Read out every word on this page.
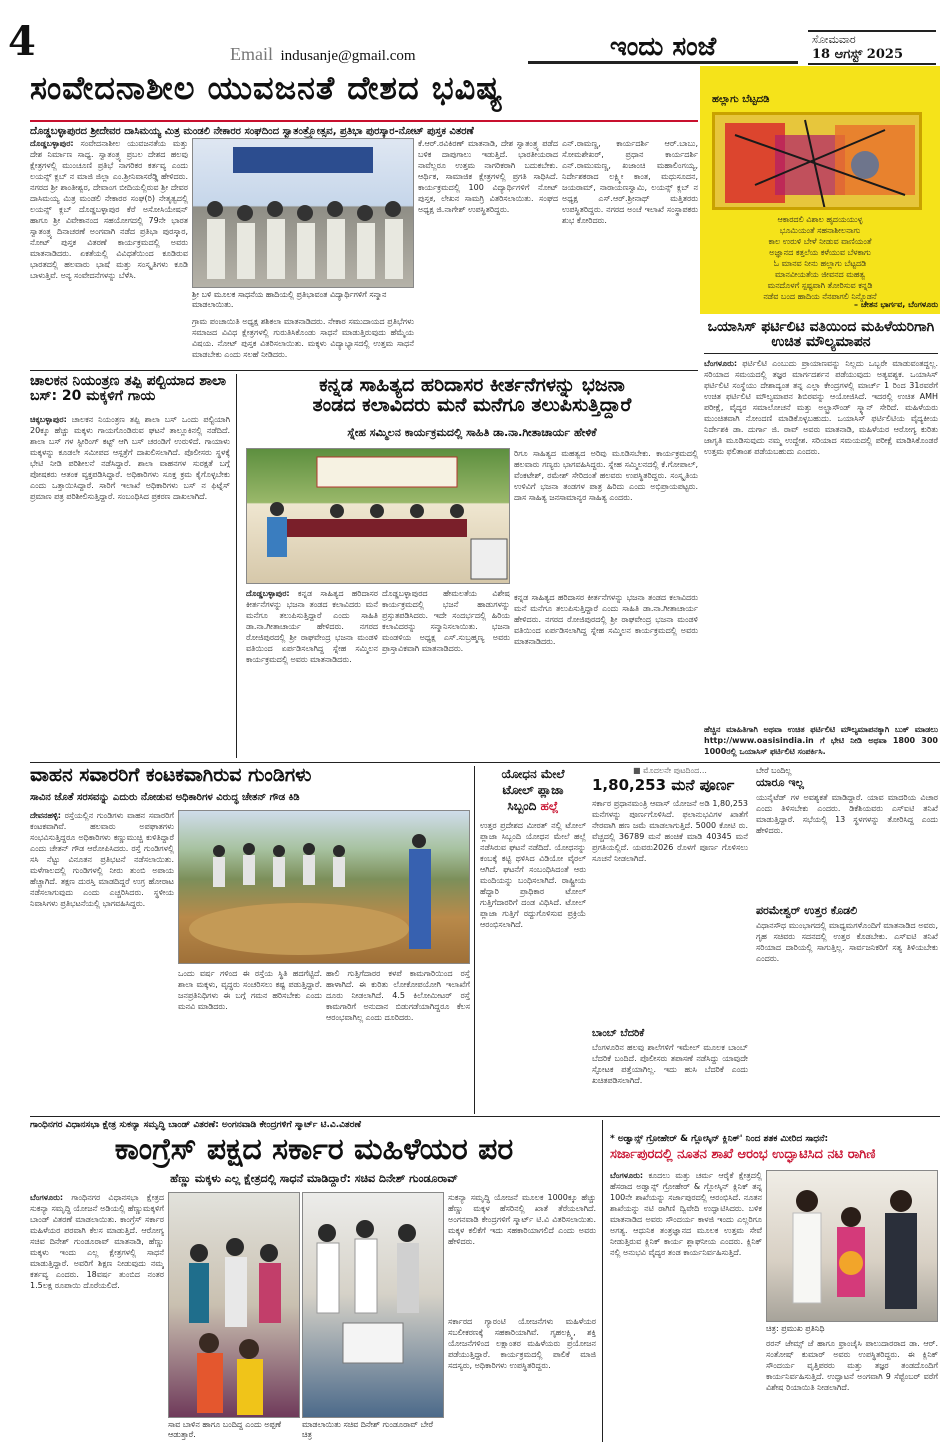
4	Email indusanje@gmail.com	ಇಂದು ಸಂಜೆ	ಸೋಮವಾರ
18 ಆಗಸ್ಟ್ 2025
ಸಂವೇದನಾಶೀಲ ಯುವಜನತೆ ದೇಶದ ಭವಿಷ್ಯ
ದೊಡ್ಡಬಳ್ಳಾಪುರದ ಶ್ರೀದೇವರ ದಾಸಿಮಯ್ಯ ಮಿತ್ರ ಮಂಡಲಿ ನೇಕಾರರ ಸಂಘದಿಂದ ಸ್ವಾತಂತ್ರ್ಯೋತ್ಸವ, ಪ್ರತಿಭಾ ಪುರಸ್ಕಾರ-ನೋಟ್ ಪುಸ್ತಕ ವಿತರಣೆ
ದೊಡ್ಡಬಳ್ಳಾಪುರ: ಸಂವೇದನಾಶೀಲ ಯುವಜನತೆಯ ಮತ್ತು ದೇಶ ನಿರ್ಮಾಣ ಸಾಧ್ಯ. ಸ್ವಾತಂತ್ರ್ಯ ಪ್ರಬಲ ದೇಶದ ಹಲವು ಕ್ಷೇತ್ರಗಳಲ್ಲಿ ಮುಂಚೂಣಿ ಪ್ರತಿಭೆ ನಾಗರಿಕರ ಕರ್ತವ್ಯ ಎಂದು ಲಯನ್ಸ್ ಕ್ಲಬ್ ನ ಮಾಜಿ ಜಿಲ್ಲಾ ಎಂ.ಶ್ರೀನಿವಾಸರೆಡ್ಡಿ ಹೇಳಿದರು. ನಗರದ ಶ್ರೀ ಶಾಂತೀಶ್ವರ, ದೇವಾಂಗ ಬೀದಿಯಲ್ಲಿರುವ ಶ್ರೀ ದೇವರ ದಾಸಿಮಯ್ಯ ಮಿತ್ರ ಮಂಡಲಿ ನೇಕಾರರ ಸಂಘ(ರಿ) ನೇತೃತ್ವದಲ್ಲಿ ಲಯನ್ಸ್ ಕ್ಲಬ್ ದೊಡ್ಡಬಳ್ಳಾಪುರ ಕೆರೆ ಅಸೋಸಿಯೇಷನ್ ಹಾಗೂ ಶ್ರೀ ವಿವೇಕಾನಂದ ಸಹಯೋಗದಲ್ಲಿ 79ನೇ ಭಾರತ ಸ್ವಾತಂತ್ರ್ಯ ದಿನಾಚರಣೆ ಅಂಗವಾಗಿ ನಡೆದ ಪ್ರತಿಭಾ ಪುರಸ್ಕಾರ, ನೋಟ್ ಪುಸ್ತಕ ವಿತರಣೆ ಕಾರ್ಯಕ್ರಮದಲ್ಲಿ ಅವರು ಮಾತನಾಡಿದರು. ಏಕತೆಯಲ್ಲಿ ವಿವಿಧತೆಯಿಂದ ಕೂಡಿರುವ ಭಾರತದಲ್ಲಿ ಹಲವಾರು ಭಾಷೆ ಮತ್ತು ಸಂಸ್ಕೃತಿಗಳು ಕೂಡಿ ಬಾಳುತ್ತಿವೆ. ಅನ್ಯ ಸಂವೇದನೆಗಳನ್ನು ಬೆಳೆಸಿ.
ಶ್ರೀ ಬಳಿ ಮೂಲಕ ಸಾಧನೆಯ ಹಾದಿಯಲ್ಲಿ ಪ್ರತಿಭಾವಂತ ವಿದ್ಯಾರ್ಥಿಗಳಿಗೆ ಸನ್ಮಾನ ಮಾಡಲಾಯಿತು.
ಗ್ರಾಮ ಪಂಚಾಯಿತಿ ಅಧ್ಯಕ್ಷ ಶಶಿಕಲಾ ಮಾತನಾಡಿದರು. ನೇಕಾರ ಸಮುದಾಯದ ಪ್ರತಿಭೆಗಳು ಸಮಾಜದ ವಿವಿಧ ಕ್ಷೇತ್ರಗಳಲ್ಲಿ ಗುರುತಿಸಿಕೊಂಡು ಸಾಧನೆ ಮಾಡುತ್ತಿರುವುದು ಹೆಮ್ಮೆಯ ವಿಷಯ. ನೋಟ್ ಪುಸ್ತಕ ವಿತರಿಸಲಾಯಿತು. ಮಕ್ಕಳು ವಿದ್ಯಾಭ್ಯಾಸದಲ್ಲಿ ಉತ್ತಮ ಸಾಧನೆ ಮಾಡಬೇಕು ಎಂದು ಸಲಹೆ ನೀಡಿದರು.
ಕೆ.ಆರ್.ರವಿಕಿರಣ್ ಮಾತನಾಡಿ, ದೇಶ ಸ್ವಾತಂತ್ರ್ಯ ಪಡೆದ ಬಳಿಕ ದಾಪುಗಾಲು ಇಡುತ್ತಿದೆ. ಭಾರತೀಯರಾದ ನಾವೆಲ್ಲರೂ ಉತ್ತಮ ನಾಗರಿಕರಾಗಿ ಬದುಕಬೇಕು. ಆರ್ಥಿಕ, ಸಾಮಾಜಿಕ ಕ್ಷೇತ್ರಗಳಲ್ಲಿ ಪ್ರಗತಿ ಸಾಧಿಸಿದೆ. ಕಾರ್ಯಕ್ರಮದಲ್ಲಿ 100 ವಿದ್ಯಾರ್ಥಿಗಳಿಗೆ ನೋಟ್ ಪುಸ್ತಕ, ಲೇಖನ ಸಾಮಗ್ರಿ ವಿತರಿಸಲಾಯಿತು. ಸಂಘದ ಅಧ್ಯಕ್ಷ ಜಿ.ನಾಗೇಶ್ ಉಪಸ್ಥಿತರಿದ್ದರು.
ಎನ್.ರಾಮಣ್ಣ, ಕಾರ್ಯದರ್ಶಿ ಆರ್.ಬಾಬು, ಸೋಮಶೇಖರ್, ಪ್ರಧಾನ ಕಾರ್ಯದರ್ಶಿ ಎನ್.ರಾಮುಮಣ್ಣ, ಖಜಾಂಚಿ ಮಹಾಲಿಂಗಯ್ಯ, ನಿರ್ದೇಶಕರಾದ ಲಕ್ಷ್ಮೀ ಕಾಂತ, ಮಧುಸೂದನ, ಜಯರಾಮ್, ನಾರಾಯಣಸ್ವಾಮಿ, ಲಯನ್ಸ್ ಕ್ಲಬ್ ನ ಅಧ್ಯಕ್ಷ ಎಸ್.ಆರ್.ಶ್ರೀನಾಥ್ ಮತ್ತಿತರರು ಉಪಸ್ಥಿತರಿದ್ದರು. ನಗರದ ಅಂಚೆ ಇಲಾಖೆ ಸಂಸ್ಥಾಪಕರು ಶುಭ ಕೋರಿದರು.
ಹಲ್ಲಾಗು ಬೆಟ್ಟದಡಿ
ಆಕಾರದಲಿ ವಿಶಾಲ ಹೃದಯಯುಳ್ಳ
ಭೂಮಿಯಂತೆ ಸಹನಾಶೀಲನಾಗು
ಕಾಲ ಉರುಳಿ ಬೇಳೆ ನೀಡುವ ವಾಣಿಯಂತೆ
ಅಜ್ಞಾನದ ಕತ್ತಲೆಯ ಕಳೆಯುವ ಬೆಳಕಾಗು
ಓ ಮಾನವ ನೀನು ಹಲ್ಲಾಗು ಬೆಟ್ಟದಡಿ
ಮಾನವೀಯತೆಯ ಜೀವನದ ಮಹತ್ವ
ಮನದೊಳಗೆ ಸ್ಪಷ್ಟವಾಗಿ ತೋರಿಸುವ ಕನ್ನಡಿ
ನಡೆವ ಬಂದ ಹಾದಿಯ ನೆನಪಾಗಲಿ ನಿನ್ನೊಡನೆ
– ಚೇತನ ಭಾರ್ಗವ, ಬೆಂಗಳೂರು
ಒಯಾಸಿಸ್ ಫರ್ಟಿಲಿಟಿ ವತಿಯಿಂದ ಮಹಿಳೆಯರಿಗಾಗಿ ಉಚಿತ ಮೌಲ್ಯಮಾಪನ
ಬೆಂಗಳೂರು: ಫರ್ಟಿಲಿಟಿ ಎಂಬುದು ಪ್ರಾಯಾಣವನ್ನು ನಿಲ್ಲದು ಒಬ್ಬರೇ ಮಾಡುವಂತದ್ದಲ್ಲ. ಸರಿಯಾದ ಸಮಯದಲ್ಲಿ ತಜ್ಞರ ಮಾರ್ಗದರ್ಶನ ಪಡೆಯುವುದು ಅತ್ಯವಶ್ಯಕ. ಒಯಾಸಿಸ್ ಫರ್ಟಿಲಿಟಿ ಸಂಸ್ಥೆಯು ದೇಶಾದ್ಯಂತ ತನ್ನ ಎಲ್ಲಾ ಕೇಂದ್ರಗಳಲ್ಲಿ ಮಾರ್ಚ್ 1 ರಿಂದ 31ರವರೆಗೆ ಉಚಿತ ಫರ್ಟಿಲಿಟಿ ಮೌಲ್ಯಮಾಪನ ಶಿಬಿರವನ್ನು ಆಯೋಜಿಸಿದೆ. ಇದರಲ್ಲಿ ಉಚಿತ AMH ಪರೀಕ್ಷೆ, ವೈದ್ಯರ ಸಮಾಲೋಚನೆ ಮತ್ತು ಅಲ್ಟ್ರಾಸೌಂಡ್ ಸ್ಕ್ಯಾನ್ ಸೇರಿದೆ. ಮಹಿಳೆಯರು ಮುಂಚಿತವಾಗಿ ನೋಂದಣಿ ಮಾಡಿಕೊಳ್ಳಬಹುದು. ಒಯಾಸಿಸ್ ಫರ್ಟಿಲಿಟಿಯ ವೈದ್ಯಕೀಯ ನಿರ್ದೇಶಕಿ ಡಾ. ದುರ್ಗಾ ಜಿ. ರಾವ್ ಅವರು ಮಾತನಾಡಿ, ಮಹಿಳೆಯರ ಆರೋಗ್ಯ ಕುರಿತು ಜಾಗೃತಿ ಮೂಡಿಸುವುದು ನಮ್ಮ ಉದ್ದೇಶ. ಸರಿಯಾದ ಸಮಯದಲ್ಲಿ ಪರೀಕ್ಷೆ ಮಾಡಿಸಿಕೊಂಡರೆ ಉತ್ತಮ ಫಲಿತಾಂಶ ಪಡೆಯಬಹುದು ಎಂದರು.
ಹೆಚ್ಚಿನ ಮಾಹಿತಿಗಾಗಿ ಅಥವಾ ಉಚಿತ ಫರ್ಟಿಲಿಟಿ ಮೌಲ್ಯಮಾಪನಕ್ಕಾಗಿ ಬುಕ್ ಮಾಡಲು http://www.oasisindia.in ಗೆ ಭೇಟಿ ನೀಡಿ ಅಥವಾ 1800 300 1000ರಲ್ಲಿ ಒಯಾಸಿಸ್ ಫರ್ಟಿಲಿಟಿ ಸಂಪರ್ಕಿಸಿ.
ಚಾಲಕನ ನಿಯಂತ್ರಣ ತಪ್ಪಿ ಪಲ್ಟಿಯಾದ ಶಾಲಾ ಬಸ್: 20 ಮಕ್ಕಳಿಗೆ ಗಾಯ
ಚಿಕ್ಕಬಳ್ಳಾಪುರ: ಚಾಲಕನ ನಿಯಂತ್ರಣ ತಪ್ಪಿ ಶಾಲಾ ಬಸ್ ಒಂದು ಪಲ್ಟಿಯಾಗಿ 20ಕ್ಕೂ ಹೆಚ್ಚು ಮಕ್ಕಳು ಗಾಯಗೊಂಡಿರುವ ಘಟನೆ ತಾಲ್ಲೂಕಿನಲ್ಲಿ ನಡೆದಿದೆ. ಶಾಲಾ ಬಸ್ ಗಳ ಸ್ಟೀರಿಂಗ್ ಕಟ್ಟ್ ಆಗಿ ಬಸ್ ಚರಂಡಿಗೆ ಉರುಳಿದೆ. ಗಾಯಾಳು ಮಕ್ಕಳನ್ನು ಕೂಡಲೇ ಸಮೀಪದ ಆಸ್ಪತ್ರೆಗೆ ದಾಖಲಿಸಲಾಗಿದೆ. ಪೊಲೀಸರು ಸ್ಥಳಕ್ಕೆ ಭೇಟಿ ನೀಡಿ ಪರಿಶೀಲನೆ ನಡೆಸಿದ್ದಾರೆ. ಶಾಲಾ ವಾಹನಗಳ ಸುರಕ್ಷತೆ ಬಗ್ಗೆ ಪೋಷಕರು ಆತಂಕ ವ್ಯಕ್ತಪಡಿಸಿದ್ದಾರೆ. ಅಧಿಕಾರಿಗಳು ಸೂಕ್ತ ಕ್ರಮ ಕೈಗೊಳ್ಳಬೇಕು ಎಂದು ಒತ್ತಾಯಿಸಿದ್ದಾರೆ. ಸಾರಿಗೆ ಇಲಾಖೆ ಅಧಿಕಾರಿಗಳು ಬಸ್ ನ ಫಿಟ್ನೆಸ್ ಪ್ರಮಾಣ ಪತ್ರ ಪರಿಶೀಲಿಸುತ್ತಿದ್ದಾರೆ. ಸಂಬಂಧಿಸಿದ ಪ್ರಕರಣ ದಾಖಲಾಗಿದೆ.
ಕನ್ನಡ ಸಾಹಿತ್ಯದ ಹರಿದಾಸರ ಕೀರ್ತನೆಗಳನ್ನು ಭಜನಾ
ತಂಡದ ಕಲಾವಿದರು ಮನೆ ಮನೆಗೂ ತಲುಪಿಸುತ್ತಿದ್ದಾರೆ
ಸ್ನೇಹ ಸಮ್ಮಿಲನ ಕಾರ್ಯಕ್ರಮದಲ್ಲಿ ಸಾಹಿತಿ ಡಾ.ನಾ.ಗೀತಾಚಾರ್ಯ ಹೇಳಿಕೆ
ರಿಗೂ ಸಾಹಿತ್ಯದ ಮಹತ್ವದ ಅರಿವು ಮೂಡಿಸಬೇಕು. ಕಾರ್ಯಕ್ರಮದಲ್ಲಿ ಹಲವಾರು ಗಣ್ಯರು ಭಾಗವಹಿಸಿದ್ದರು. ಸ್ನೇಹ ಸಮ್ಮಿಲನದಲ್ಲಿ ಕೆ.ಗೋಪಾಲ್, ವೆಂಕಟೇಶ್, ರಮೇಶ್ ಸೇರಿದಂತೆ ಹಲವರು ಉಪಸ್ಥಿತರಿದ್ದರು. ಸಂಸ್ಕೃತಿಯ ಉಳಿವಿಗೆ ಭಜನಾ ತಂಡಗಳ ಪಾತ್ರ ಹಿರಿದು ಎಂದು ಅಭಿಪ್ರಾಯಪಟ್ಟರು. ದಾಸ ಸಾಹಿತ್ಯ ಜನಸಾಮಾನ್ಯರ ಸಾಹಿತ್ಯ ಎಂದರು.
ದೊಡ್ಡಬಳ್ಳಾಪುರ: ಕನ್ನಡ ಸಾಹಿತ್ಯದ ಹರಿದಾಸರ ಕೀರ್ತನೆಗಳನ್ನು ಭಜನಾ ತಂಡದ ಕಲಾವಿದರು ಮನೆ ಮನೆಗೂ ತಲುಪಿಸುತ್ತಿದ್ದಾರೆ ಎಂದು ಸಾಹಿತಿ ಡಾ.ನಾ.ಗೀತಾಚಾರ್ಯ ಹೇಳಿದರು. ನಗರದ ರೋಜಿಪುರದಲ್ಲಿ ಶ್ರೀ ರಾಘವೇಂದ್ರ ಭಜನಾ ಮಂಡಳಿ ವತಿಯಿಂದ ಏರ್ಪಡಿಸಲಾಗಿದ್ದ ಸ್ನೇಹ ಸಮ್ಮಿಲನ ಕಾರ್ಯಕ್ರಮದಲ್ಲಿ ಅವರು ಮಾತನಾಡಿದರು.
ದೊಡ್ಡಬಳ್ಳಾಪುರದ ಹೇಮಲತೆಯ ವಿಶೇಷ ಕಾರ್ಯಕ್ರಮದಲ್ಲಿ ಭಜನೆ ಹಾಡುಗಳನ್ನು ಪ್ರಸ್ತುತಪಡಿಸಿದರು. ಇದೇ ಸಂದರ್ಭದಲ್ಲಿ ಹಿರಿಯ ಕಲಾವಿದರನ್ನು ಸನ್ಮಾನಿಸಲಾಯಿತು. ಭಜನಾ ಮಂಡಳಿಯ ಅಧ್ಯಕ್ಷ ಎಸ್.ಸುಬ್ರಹ್ಮಣ್ಯ ಅವರು ಪ್ರಾಸ್ತಾವಿಕವಾಗಿ ಮಾತನಾಡಿದರು.
ಕನ್ನಡ ಸಾಹಿತ್ಯದ ಹರಿದಾಸರ ಕೀರ್ತನೆಗಳನ್ನು ಭಜನಾ ತಂಡದ ಕಲಾವಿದರು ಮನೆ ಮನೆಗೂ ತಲುಪಿಸುತ್ತಿದ್ದಾರೆ ಎಂದು ಸಾಹಿತಿ ಡಾ.ನಾ.ಗೀತಾಚಾರ್ಯ ಹೇಳಿದರು. ನಗರದ ರೋಜಿಪುರದಲ್ಲಿ ಶ್ರೀ ರಾಘವೇಂದ್ರ ಭಜನಾ ಮಂಡಳಿ ವತಿಯಿಂದ ಏರ್ಪಡಿಸಲಾಗಿದ್ದ ಸ್ನೇಹ ಸಮ್ಮಿಲನ ಕಾರ್ಯಕ್ರಮದಲ್ಲಿ ಅವರು ಮಾತನಾಡಿದರು.
ವಾಹನ ಸವಾರರಿಗೆ ಕಂಟಕವಾಗಿರುವ ಗುಂಡಿಗಳು
ಸಾವಿನ ಜೊತೆ ಸರಸವನ್ನು ಎದುರು ನೋಡುವ ಅಧಿಕಾರಿಗಳ ವಿರುದ್ಧ ಚೇತನ್ ಗೌಡ ಕಿಡಿ
ದೇವನಹಳ್ಳಿ: ರಸ್ತೆಯಲ್ಲಿನ ಗುಂಡಿಗಳು ವಾಹನ ಸವಾರರಿಗೆ ಕಂಟಕವಾಗಿವೆ. ಹಲವಾರು ಅಪಘಾತಗಳು ಸಂಭವಿಸುತ್ತಿದ್ದರೂ ಅಧಿಕಾರಿಗಳು ಕಣ್ಣುಮುಚ್ಚಿ ಕುಳಿತಿದ್ದಾರೆ ಎಂದು ಚೇತನ್ ಗೌಡ ಆರೋಪಿಸಿದರು. ರಸ್ತೆ ಗುಂಡಿಗಳಲ್ಲಿ ಸಸಿ ನೆಟ್ಟು ವಿನೂತನ ಪ್ರತಿಭಟನೆ ನಡೆಸಲಾಯಿತು. ಮಳೆಗಾಲದಲ್ಲಿ ಗುಂಡಿಗಳಲ್ಲಿ ನೀರು ತುಂಬಿ ಅಪಾಯ ಹೆಚ್ಚಾಗಿದೆ. ತಕ್ಷಣ ದುರಸ್ತಿ ಮಾಡದಿದ್ದರೆ ಉಗ್ರ ಹೋರಾಟ ನಡೆಸಲಾಗುವುದು ಎಂದು ಎಚ್ಚರಿಸಿದರು. ಸ್ಥಳೀಯ ನಿವಾಸಿಗಳು ಪ್ರತಿಭಟನೆಯಲ್ಲಿ ಭಾಗವಹಿಸಿದ್ದರು.
ಒಂದು ವರ್ಷ ಗಳಿಂದ ಈ ರಸ್ತೆಯ ಸ್ಥಿತಿ ಹದಗೆಟ್ಟಿದೆ. ಶಾಲಾ ಮಕ್ಕಳು, ವೃದ್ಧರು ಸಂಚರಿಸಲು ಕಷ್ಟ ಪಡುತ್ತಿದ್ದಾರೆ. ಜನಪ್ರತಿನಿಧಿಗಳು ಈ ಬಗ್ಗೆ ಗಮನ ಹರಿಸಬೇಕು ಎಂದು ಮನವಿ ಮಾಡಿದರು.
ಹಾಲಿ ಗುತ್ತಿಗೆದಾರರ ಕಳಪೆ ಕಾಮಗಾರಿಯಿಂದ ರಸ್ತೆ ಹಾಳಾಗಿದೆ. ಈ ಕುರಿತು ಲೋಕೋಪಯೋಗಿ ಇಲಾಖೆಗೆ ದೂರು ನೀಡಲಾಗಿದೆ. 4.5 ಕಿಲೋಮೀಟರ್ ರಸ್ತೆ ಕಾಮಗಾರಿಗೆ ಅನುದಾನ ಬಿಡುಗಡೆಯಾಗಿದ್ದರೂ ಕೆಲಸ ಆರಂಭವಾಗಿಲ್ಲ ಎಂದು ದೂರಿದರು.
ಯೋಧನ ಮೇಲೆ
ಟೋಲ್ ಪ್ಲಾಜಾ
ಸಿಬ್ಬಂದಿ ಹಲ್ಲೆ
ಉತ್ತರ ಪ್ರದೇಶದ ಮೀರತ್ ನಲ್ಲಿ ಟೋಲ್ ಪ್ಲಾಜಾ ಸಿಬ್ಬಂದಿ ಯೋಧನ ಮೇಲೆ ಹಲ್ಲೆ ನಡೆಸಿರುವ ಘಟನೆ ನಡೆದಿದೆ. ಯೋಧನನ್ನು ಕಂಬಕ್ಕೆ ಕಟ್ಟಿ ಥಳಿಸಿದ ವಿಡಿಯೋ ವೈರಲ್ ಆಗಿದೆ. ಘಟನೆಗೆ ಸಂಬಂಧಿಸಿದಂತೆ ಆರು ಮಂದಿಯನ್ನು ಬಂಧಿಸಲಾಗಿದೆ. ರಾಷ್ಟ್ರೀಯ ಹೆದ್ದಾರಿ ಪ್ರಾಧಿಕಾರ ಟೋಲ್ ಗುತ್ತಿಗೆದಾರರಿಗೆ ದಂಡ ವಿಧಿಸಿದೆ. ಟೋಲ್ ಪ್ಲಾಜಾ ಗುತ್ತಿಗೆ ರದ್ದುಗೊಳಿಸುವ ಪ್ರಕ್ರಿಯೆ ಆರಂಭಿಸಲಾಗಿದೆ.
■ ಮೊದಲನೇ ಪುಟದಿಂದ...
1,80,253 ಮನೆ ಪೂರ್ಣ
ಸರ್ಕಾರ ಪ್ರಧಾನಮಂತ್ರಿ ಆವಾಸ್ ಯೋಜನೆ ಅಡಿ 1,80,253 ಮನೆಗಳನ್ನು ಪೂರ್ಣಗೊಳಿಸಿದೆ. ಫಲಾನುಭವಿಗಳ ಖಾತೆಗೆ ನೇರವಾಗಿ ಹಣ ಜಮೆ ಮಾಡಲಾಗುತ್ತಿದೆ. 5000 ಕೋಟಿ ರು. ವೆಚ್ಚದಲ್ಲಿ 36789 ಮನೆ ಹಂಚಿಕೆ ಮಾಡಿ 40345 ಮನೆ ಪ್ರಗತಿಯಲ್ಲಿದೆ. ಯವರು2026 ರೊಳಗೆ ಪೂರ್ಣ ಗೊಳಿಸಲು ಸೂಚನೆ ನೀಡಲಾಗಿದೆ.
ಬಾಂಬ್ ಬೆದರಿಕೆ
ಬೆಂಗಳೂರಿನ ಹಲವು ಶಾಲೆಗಳಿಗೆ ಇಮೇಲ್ ಮೂಲಕ ಬಾಂಬ್ ಬೆದರಿಕೆ ಬಂದಿದೆ. ಪೊಲೀಸರು ತಪಾಸಣೆ ನಡೆಸಿದ್ದು ಯಾವುದೇ ಸ್ಫೋಟಕ ಪತ್ತೆಯಾಗಿಲ್ಲ. ಇದು ಹುಸಿ ಬೆದರಿಕೆ ಎಂದು ಖಚಿತಪಡಿಸಲಾಗಿದೆ.
ಬೇರೆ ಬಂದಿಲ್ಲ
ಯಾರೂ ಇಲ್ಲ
ಯುನೈಟೆಡ್ ಗಳ ಅವಶ್ಯಕತೆ ಮಾಡಿದ್ದಾರೆ. ಯಾವ ಮಾದರಿಯ ವಿಚಾರ ಎಂದು ತಿಳಿಸಬೇಕು ಎಂದರು. ಡಿಕೆಶಿಯವರು ಎಸ್ಐಟಿ ತನಿಖೆ ಮಾಡುತ್ತಿದ್ದಾರೆ. ಸಭೆಯಲ್ಲಿ 13 ಸ್ಥಳಗಳನ್ನು ತೋರಿಸಿದ್ದ ಎಂದು ಹೇಳಿದರು.
ಪರಮೇಶ್ವರ್ ಉತ್ತರ ಕೊಡಲಿ
ವಿಧಾನಸೌಧ ಮುಂಭಾಗದಲ್ಲಿ ಮಾಧ್ಯಮಗಳೊಂದಿಗೆ ಮಾತನಾಡಿದ ಅವರು, ಗೃಹ ಸಚಿವರು ಸದನದಲ್ಲಿ ಉತ್ತರ ಕೊಡಬೇಕು. ಎಸ್ಐಟಿ ತನಿಖೆ ಸರಿಯಾದ ದಾರಿಯಲ್ಲಿ ಸಾಗುತ್ತಿಲ್ಲ. ಸಾರ್ವಜನಿಕರಿಗೆ ಸತ್ಯ ತಿಳಿಯಬೇಕು ಎಂದರು.
ಗಾಂಧಿನಗರ ವಿಧಾನಸಭಾ ಕ್ಷೇತ್ರ ಸುಕನ್ಯಾ ಸಮೃದ್ಧಿ ಬಾಂಡ್ ವಿತರಣೆ: ಅಂಗನವಾಡಿ ಕೇಂದ್ರಗಳಿಗೆ ಸ್ಮಾರ್ಟ್ ಟಿ.ವಿ.ವಿತರಣೆ
ಕಾಂಗ್ರೆಸ್ ಪಕ್ಷದ ಸರ್ಕಾರ ಮಹಿಳೆಯರ ಪರ
ಹೆಣ್ಣು ಮಕ್ಕಳು ಎಲ್ಲ ಕ್ಷೇತ್ರದಲ್ಲಿ ಸಾಧನೆ ಮಾಡಿದ್ದಾರೆ: ಸಚಿವ ದಿನೇಶ್ ಗುಂಡೂರಾವ್
ಬೆಂಗಳೂರು: ಗಾಂಧಿನಗರ ವಿಧಾನಸಭಾ ಕ್ಷೇತ್ರದ ಸುಕನ್ಯಾ ಸಮೃದ್ಧಿ ಯೋಜನೆ ಅಡಿಯಲ್ಲಿ ಹೆಣ್ಣುಮಕ್ಕಳಿಗೆ ಬಾಂಡ್ ವಿತರಣೆ ಮಾಡಲಾಯಿತು. ಕಾಂಗ್ರೆಸ್ ಸರ್ಕಾರ ಮಹಿಳೆಯರ ಪರವಾಗಿ ಕೆಲಸ ಮಾಡುತ್ತಿದೆ. ಆರೋಗ್ಯ ಸಚಿವ ದಿನೇಶ್ ಗುಂಡೂರಾವ್ ಮಾತನಾಡಿ, ಹೆಣ್ಣು ಮಕ್ಕಳು ಇಂದು ಎಲ್ಲ ಕ್ಷೇತ್ರಗಳಲ್ಲಿ ಸಾಧನೆ ಮಾಡುತ್ತಿದ್ದಾರೆ. ಅವರಿಗೆ ಶಿಕ್ಷಣ ನೀಡುವುದು ನಮ್ಮ ಕರ್ತವ್ಯ ಎಂದರು. 18ವರ್ಷ ತುಂಬಿದ ನಂತರ 1.5ಲಕ್ಷ ರೂಪಾಯಿ ದೊರೆಯಲಿದೆ.
ಸಾವ ಬಾಳಿನ ಹಾಗೂ ಬಂದಿದ್ದ ಎಂದು ಅಪ್ಪಣೆ ಆಡುತ್ತಾರೆ.
ಮಾಡಲಾಯಿತು ಸಚಿವ ದಿನೇಶ್ ಗುಂಡೂರಾವ್ ಬೇರೆ ಚಿತ್ರ
ಸುಕನ್ಯಾ ಸಮೃದ್ಧಿ ಯೋಜನೆ ಮೂಲಕ 1000ಕ್ಕೂ ಹೆಚ್ಚು ಹೆಣ್ಣು ಮಕ್ಕಳ ಹೆಸರಿನಲ್ಲಿ ಖಾತೆ ತೆರೆಯಲಾಗಿದೆ. ಅಂಗನವಾಡಿ ಕೇಂದ್ರಗಳಿಗೆ ಸ್ಮಾರ್ಟ್ ಟಿ.ವಿ ವಿತರಿಸಲಾಯಿತು. ಮಕ್ಕಳ ಕಲಿಕೆಗೆ ಇದು ಸಹಕಾರಿಯಾಗಲಿದೆ ಎಂದು ಅವರು ಹೇಳಿದರು.
ಸರ್ಕಾರದ ಗ್ಯಾರಂಟಿ ಯೋಜನೆಗಳು ಮಹಿಳೆಯರ ಸಬಲೀಕರಣಕ್ಕೆ ಸಹಕಾರಿಯಾಗಿವೆ. ಗೃಹಲಕ್ಷ್ಮಿ, ಶಕ್ತಿ ಯೋಜನೆಗಳಿಂದ ಲಕ್ಷಾಂತರ ಮಹಿಳೆಯರು ಪ್ರಯೋಜನ ಪಡೆಯುತ್ತಿದ್ದಾರೆ. ಕಾರ್ಯಕ್ರಮದಲ್ಲಿ ಪಾಲಿಕೆ ಮಾಜಿ ಸದಸ್ಯರು, ಅಧಿಕಾರಿಗಳು ಉಪಸ್ಥಿತರಿದ್ದರು.
* ಅಡ್ವಾನ್ಸ್ ಗ್ರೋಹೇರ್ & ಗ್ಲೋಸ್ಕಿನ್ ಕ್ಲಿನಿಕ್' ನಿಂದ ಶತಕ ಮೀರಿದ ಸಾಧನೆ:
ಸರ್ಜಾಪುರದಲ್ಲಿ ನೂತನ ಶಾಖೆ ಆರಂಭ ಉದ್ಘಾಟಿಸಿದ ನಟಿ ರಾಗಿಣಿ
ಬೆಂಗಳೂರು: ಕೂದಲು ಮತ್ತು ಚರ್ಮ ಆರೈಕೆ ಕ್ಷೇತ್ರದಲ್ಲಿ ಹೆಸರಾದ ಅಡ್ವಾನ್ಸ್ ಗ್ರೋಹೇರ್ & ಗ್ಲೋಸ್ಕಿನ್ ಕ್ಲಿನಿಕ್ ತನ್ನ 100ನೇ ಶಾಖೆಯನ್ನು ಸರ್ಜಾಪುರದಲ್ಲಿ ಆರಂಭಿಸಿದೆ. ನೂತನ ಶಾಖೆಯನ್ನು ನಟಿ ರಾಗಿಣಿ ದ್ವಿವೇದಿ ಉದ್ಘಾಟಿಸಿದರು. ಬಳಿಕ ಮಾತನಾಡಿದ ಅವರು ಸೌಂದರ್ಯ ಕಾಳಜಿ ಇಂದು ಎಲ್ಲರಿಗೂ ಅಗತ್ಯ. ಆಧುನಿಕ ತಂತ್ರಜ್ಞಾನದ ಮೂಲಕ ಉತ್ತಮ ಸೇವೆ ನೀಡುತ್ತಿರುವ ಕ್ಲಿನಿಕ್ ಕಾರ್ಯ ಶ್ಲಾಘನೀಯ ಎಂದರು. ಕ್ಲಿನಿಕ್ ನಲ್ಲಿ ಅನುಭವಿ ವೈದ್ಯರ ತಂಡ ಕಾರ್ಯನಿರ್ವಹಿಸುತ್ತಿದೆ.
ಚಿತ್ರ: ಪ್ರಮುಖ ಪ್ರತಿನಿಧಿ
ರರನ್ ಜೇಮ್ಸ್ ಜೆ ಹಾಗೂ ಫ್ರಾಂಚೈಸಿ ಪಾಲುದಾರರಾದ ಡಾ. ಆರ್. ಸಂತೋಷ್ ಕುಮಾರ್ ಅವರು ಉಪಸ್ಥಿತರಿದ್ದರು. ಈ ಕ್ಲಿನಿಕ್ ಸೌಂದರ್ಯ ವೃತ್ತಿಪರರು ಮತ್ತು ತಜ್ಞರ ತಂಡದೊಂದಿಗೆ ಕಾರ್ಯನಿರ್ವಹಿಸುತ್ತಿದೆ. ಉದ್ಘಾಟನೆ ಅಂಗವಾಗಿ 9 ಸೆಪ್ಟೆಂಬರ್ ವರೆಗೆ ವಿಶೇಷ ರಿಯಾಯಿತಿ ನೀಡಲಾಗಿದೆ.
